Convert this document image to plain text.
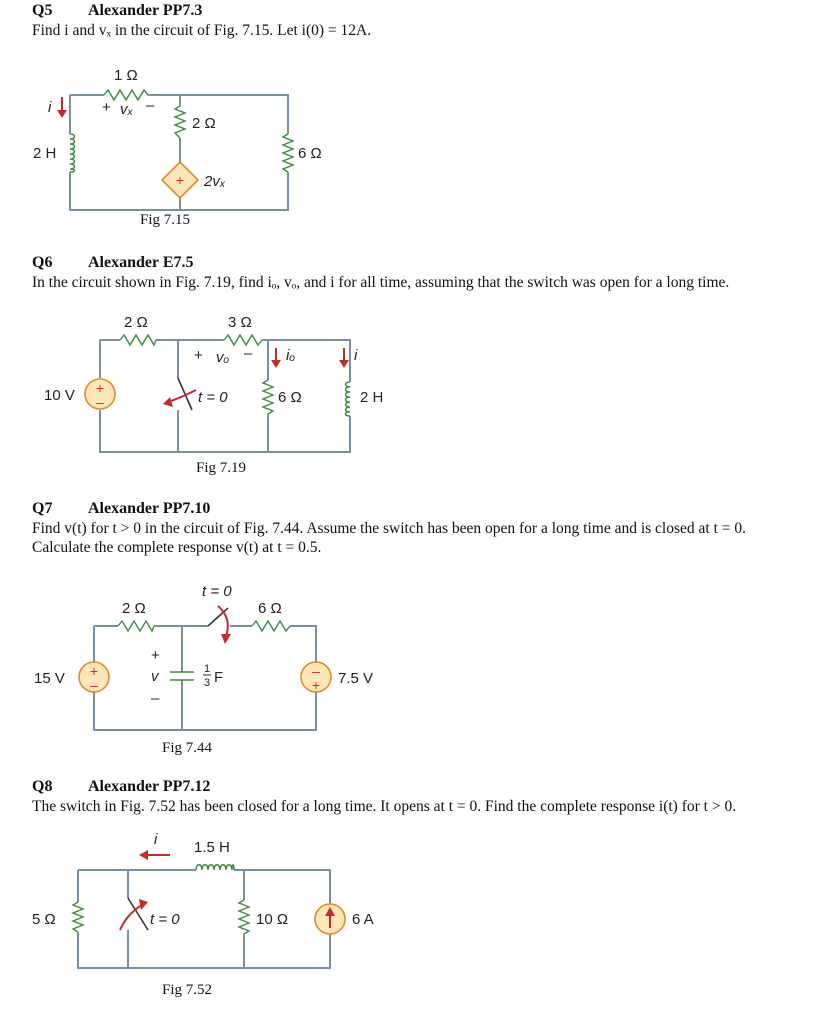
Q5 Alexander PP7.3
Find i and vₓ in the circuit of Fig. 7.15. Let i(0) = 12A.
Fig 7.15
Q6 Alexander E7.5
In the circuit shown in Fig. 7.19, find iₒ, vₒ, and i for all time, assuming that the switch was open for a long time.
Fig 7.19
Q7 Alexander PP7.10
Find v(t) for t > 0 in the circuit of Fig. 7.44. Assume the switch has been open for a long time and is closed at t = 0.
Calculate the complete response v(t) at t = 0.5.
Fig 7.44
Q8 Alexander PP7.12
The switch in Fig. 7.52 has been closed for a long time. It opens at t = 0. Find the complete response i(t) for t > 0.
Fig 7.52
+
1 Ω
2 Ω
6 Ω
2 H
i	+ vₓ –
2vₓ
+
–
2 Ω	3 Ω
6 Ω	2 H
10 V
+ vₒ – iₒ	i
t = 0
+
–
–
+
2 Ω	6 Ω
t = 0
15 V	7.5 V
+
v
–
1
3 F
1.5 H
i
5 Ω	10 Ω	6 A
t = 0
